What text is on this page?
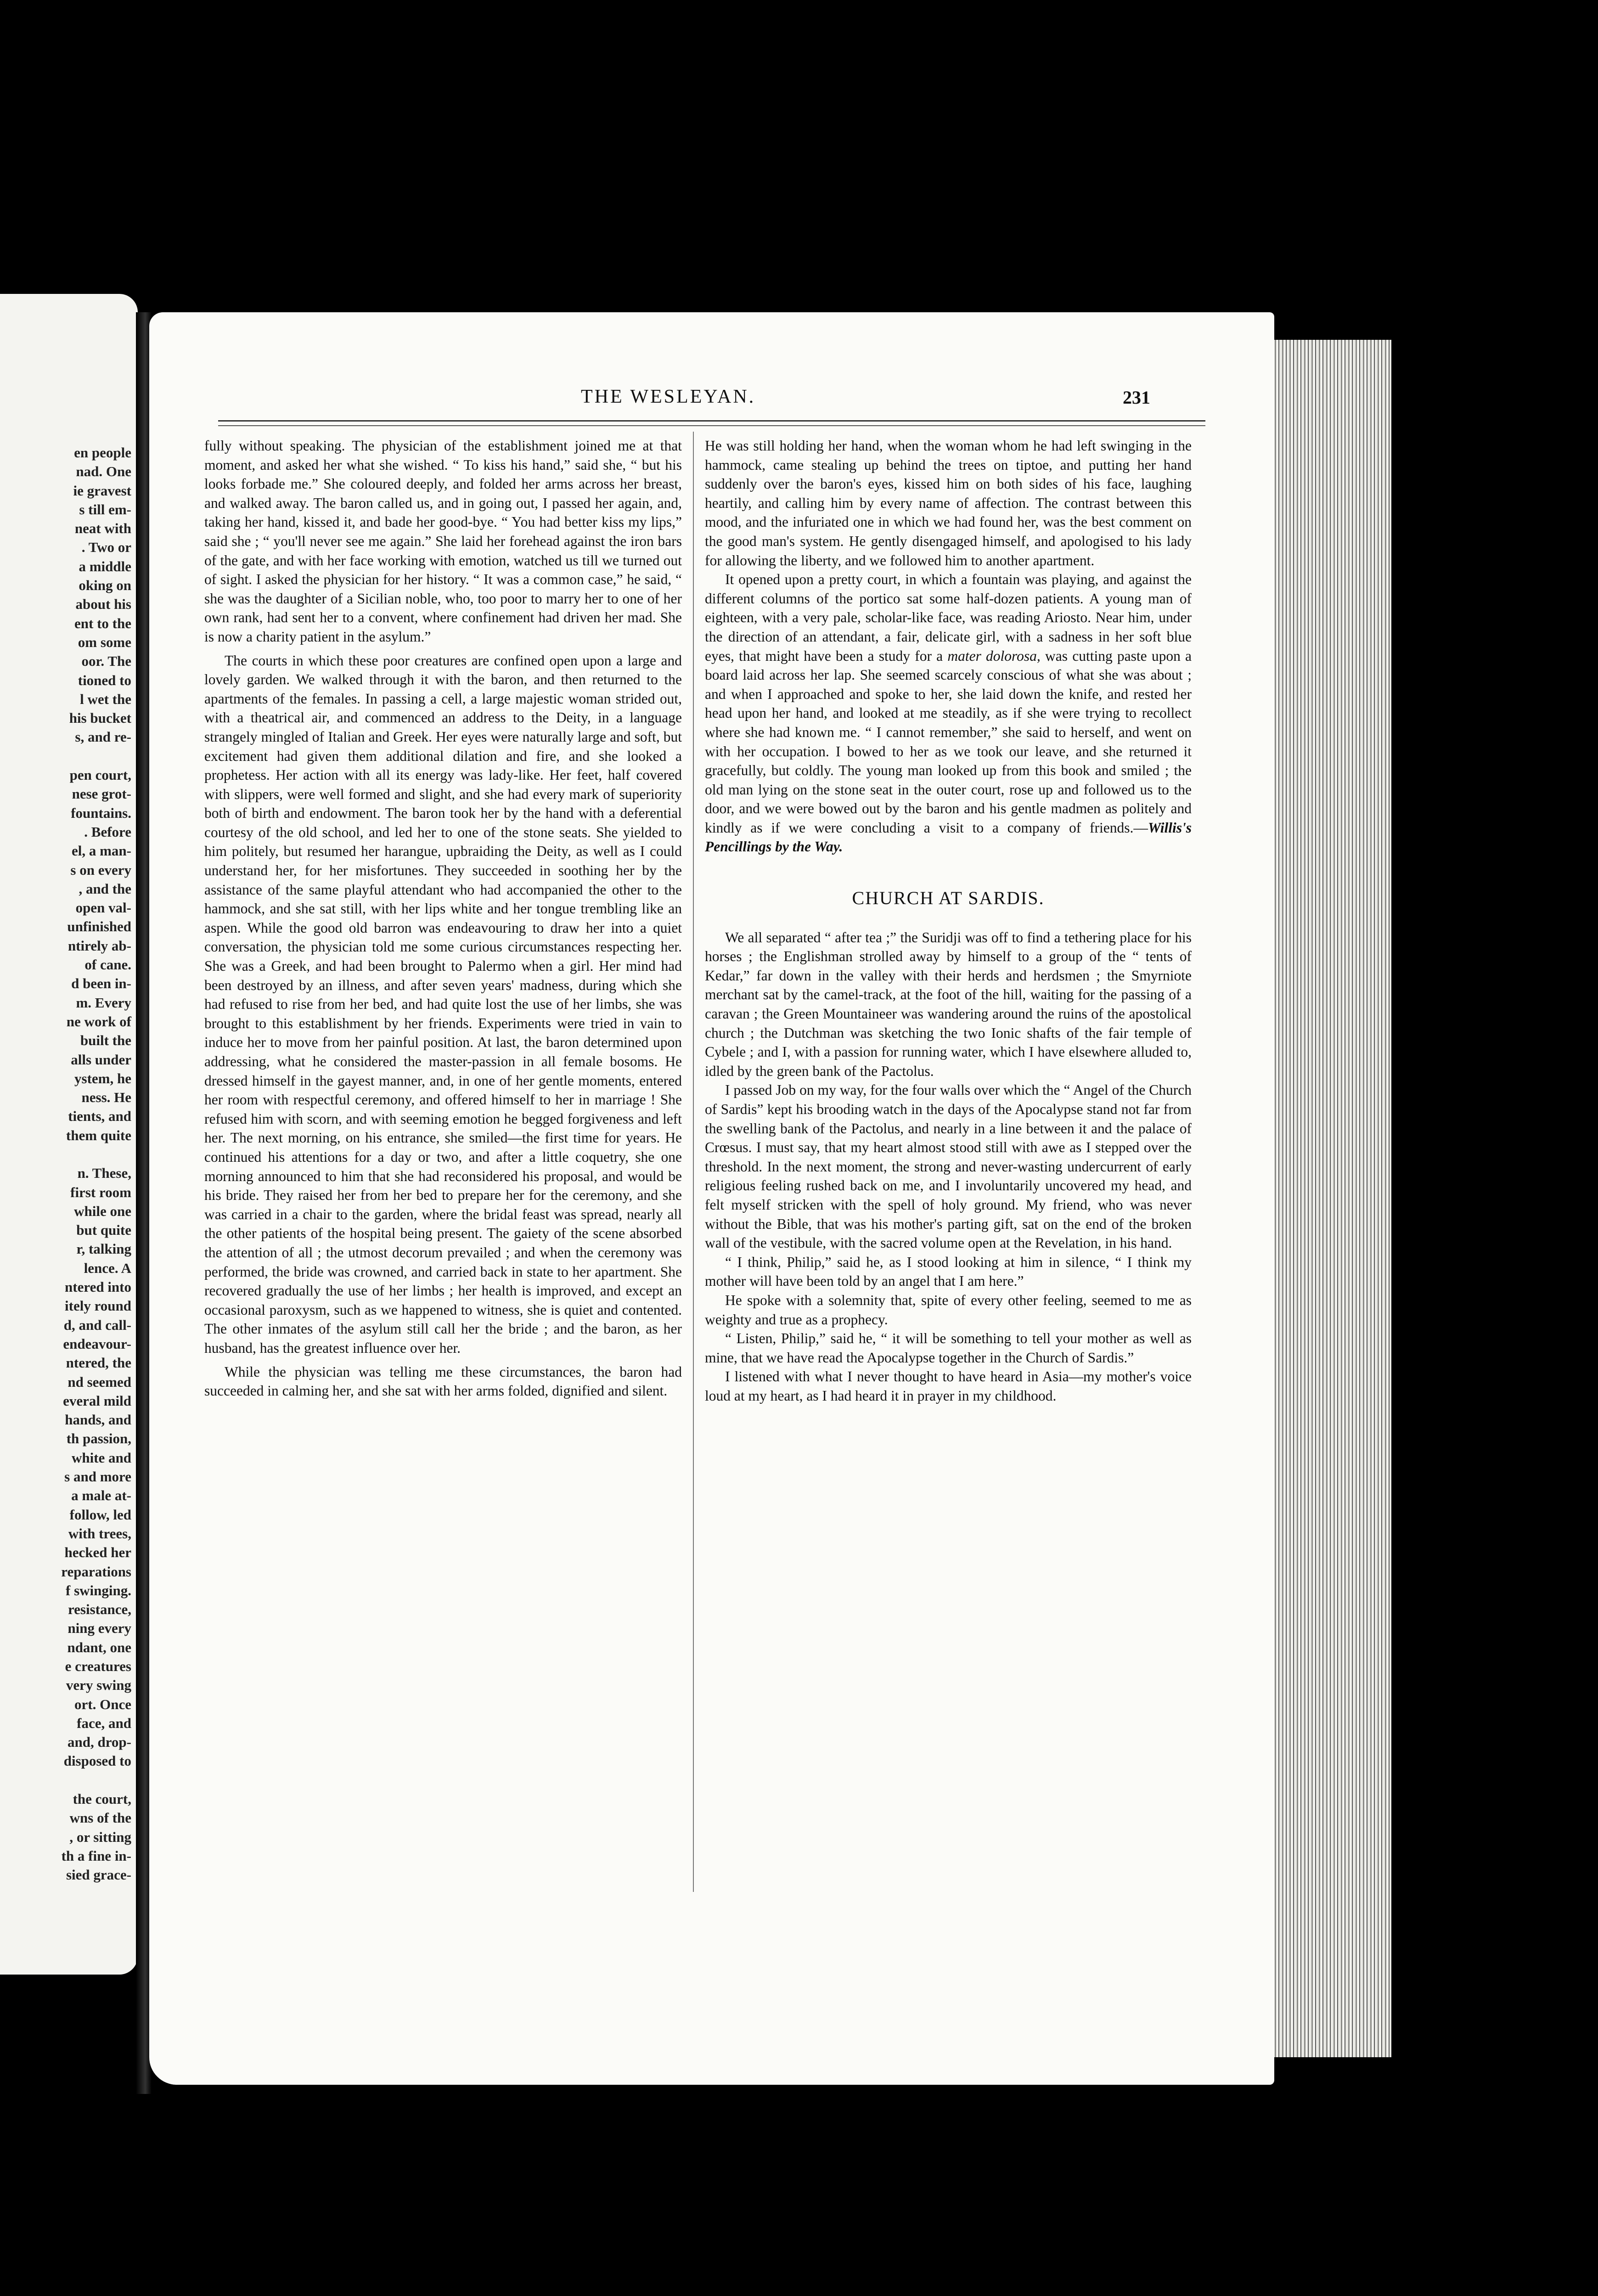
en people
nad. One
ie gravest
s till em-
neat with
. Two or
a middle
oking on
about his
ent to the
om some
oor. The
tioned to
l wet the
his bucket
s, and re-

pen court,
nese grot-
fountains.
. Before
el, a man-
s on every
, and the
open val-
unfinished
ntirely ab-
of cane.
d been in-
m. Every
ne work of
built the
alls under
ystem, he
ness. He
tients, and
them quite

n. These,
first room
while one
but quite
r, talking
lence. A
ntered into
itely round
d, and call-
endeavour-
ntered, the
nd seemed
everal mild
hands, and
th passion,
white and
s and more
a male at-
follow, led
with trees,
hecked her
reparations
f swinging.
resistance,
ning every
ndant, one
e creatures
very swing
ort. Once
face, and
and, drop-
disposed to

the court,
wns of the
, or sitting
th a fine in-
sied grace-
THE WESLEYAN.	231

fully without speaking. The physician of the establishment joined me at that moment, and asked her what she wished. “ To kiss his hand,” said she, “ but his looks forbade me.” She coloured deeply, and folded her arms across her breast, and walked away. The baron called us, and in going out, I passed her again, and, taking her hand, kissed it, and bade her good-bye. “ You had better kiss my lips,” said she ; “ you'll never see me again.” She laid her forehead against the iron bars of the gate, and with her face working with emotion, watched us till we turned out of sight. I asked the physician for her history. “ It was a common case,” he said, “ she was the daughter of a Sicilian noble, who, too poor to marry her to one of her own rank, had sent her to a convent, where confinement had driven her mad. She is now a charity patient in the asylum.”

The courts in which these poor creatures are confined open upon a large and lovely garden. We walked through it with the baron, and then returned to the apartments of the females. In passing a cell, a large majestic woman strided out, with a theatrical air, and commenced an address to the Deity, in a language strangely mingled of Italian and Greek. Her eyes were naturally large and soft, but excitement had given them additional dilation and fire, and she looked a prophetess. Her action with all its energy was lady-like. Her feet, half covered with slippers, were well formed and slight, and she had every mark of superiority both of birth and endowment. The baron took her by the hand with a deferential courtesy of the old school, and led her to one of the stone seats. She yielded to him politely, but resumed her harangue, upbraiding the Deity, as well as I could understand her, for her misfortunes. They succeeded in soothing her by the assistance of the same playful attendant who had accompanied the other to the hammock, and she sat still, with her lips white and her tongue trembling like an aspen. While the good old barron was endeavouring to draw her into a quiet conversation, the physician told me some curious circumstances respecting her. She was a Greek, and had been brought to Palermo when a girl. Her mind had been destroyed by an illness, and after seven years' madness, during which she had refused to rise from her bed, and had quite lost the use of her limbs, she was brought to this establishment by her friends. Experiments were tried in vain to induce her to move from her painful position. At last, the baron determined upon addressing, what he considered the master-passion in all female bosoms. He dressed himself in the gayest manner, and, in one of her gentle moments, entered her room with respectful ceremony, and offered himself to her in marriage ! She refused him with scorn, and with seeming emotion he begged forgiveness and left her. The next morning, on his entrance, she smiled—the first time for years. He continued his attentions for a day or two, and after a little coquetry, she one morning announced to him that she had reconsidered his proposal, and would be his bride. They raised her from her bed to prepare her for the ceremony, and she was carried in a chair to the garden, where the bridal feast was spread, nearly all the other patients of the hospital being present. The gaiety of the scene absorbed the attention of all ; the utmost decorum prevailed ; and when the ceremony was performed, the bride was crowned, and carried back in state to her apartment. She recovered gradually the use of her limbs ; her health is improved, and except an occasional paroxysm, such as we happened to witness, she is quiet and contented. The other inmates of the asylum still call her the bride ; and the baron, as her husband, has the greatest influence over her.

While the physician was telling me these circumstances, the baron had succeeded in calming her, and she sat with her arms folded, dignified and silent.

He was still holding her hand, when the woman whom he had left swinging in the hammock, came stealing up behind the trees on tiptoe, and putting her hand suddenly over the baron's eyes, kissed him on both sides of his face, laughing heartily, and calling him by every name of affection. The contrast between this mood, and the infuriated one in which we had found her, was the best comment on the good man's system. He gently disengaged himself, and apologised to his lady for allowing the liberty, and we followed him to another apartment.

It opened upon a pretty court, in which a fountain was playing, and against the different columns of the portico sat some half-dozen patients. A young man of eighteen, with a very pale, scholar-like face, was reading Ariosto. Near him, under the direction of an attendant, a fair, delicate girl, with a sadness in her soft blue eyes, that might have been a study for a mater dolorosa, was cutting paste upon a board laid across her lap. She seemed scarcely conscious of what she was about ; and when I approached and spoke to her, she laid down the knife, and rested her head upon her hand, and looked at me steadily, as if she were trying to recollect where she had known me. “ I cannot remember,” she said to herself, and went on with her occupation. I bowed to her as we took our leave, and she returned it gracefully, but coldly. The young man looked up from this book and smiled ; the old man lying on the stone seat in the outer court, rose up and followed us to the door, and we were bowed out by the baron and his gentle madmen as politely and kindly as if we were concluding a visit to a company of friends.—Willis's Pencillings by the Way.

CHURCH AT SARDIS.

We all separated “ after tea ;” the Suridji was off to find a tethering place for his horses ; the Englishman strolled away by himself to a group of the “ tents of Kedar,” far down in the valley with their herds and herdsmen ; the Smyrniote merchant sat by the camel-track, at the foot of the hill, waiting for the passing of a caravan ; the Green Mountaineer was wandering around the ruins of the apostolical church ; the Dutchman was sketching the two Ionic shafts of the fair temple of Cybele ; and I, with a passion for running water, which I have elsewhere alluded to, idled by the green bank of the Pactolus.

I passed Job on my way, for the four walls over which the “ Angel of the Church of Sardis” kept his brooding watch in the days of the Apocalypse stand not far from the swelling bank of the Pactolus, and nearly in a line between it and the palace of Crœsus. I must say, that my heart almost stood still with awe as I stepped over the threshold. In the next moment, the strong and never-wasting undercurrent of early religious feeling rushed back on me, and I involuntarily uncovered my head, and felt myself stricken with the spell of holy ground. My friend, who was never without the Bible, that was his mother's parting gift, sat on the end of the broken wall of the vestibule, with the sacred volume open at the Revelation, in his hand.

“ I think, Philip,” said he, as I stood looking at him in silence, “ I think my mother will have been told by an angel that I am here.”

He spoke with a solemnity that, spite of every other feeling, seemed to me as weighty and true as a prophecy.

“ Listen, Philip,” said he, “ it will be something to tell your mother as well as mine, that we have read the Apocalypse together in the Church of Sardis.”

I listened with what I never thought to have heard in Asia—my mother's voice loud at my heart, as I had heard it in prayer in my childhood.
